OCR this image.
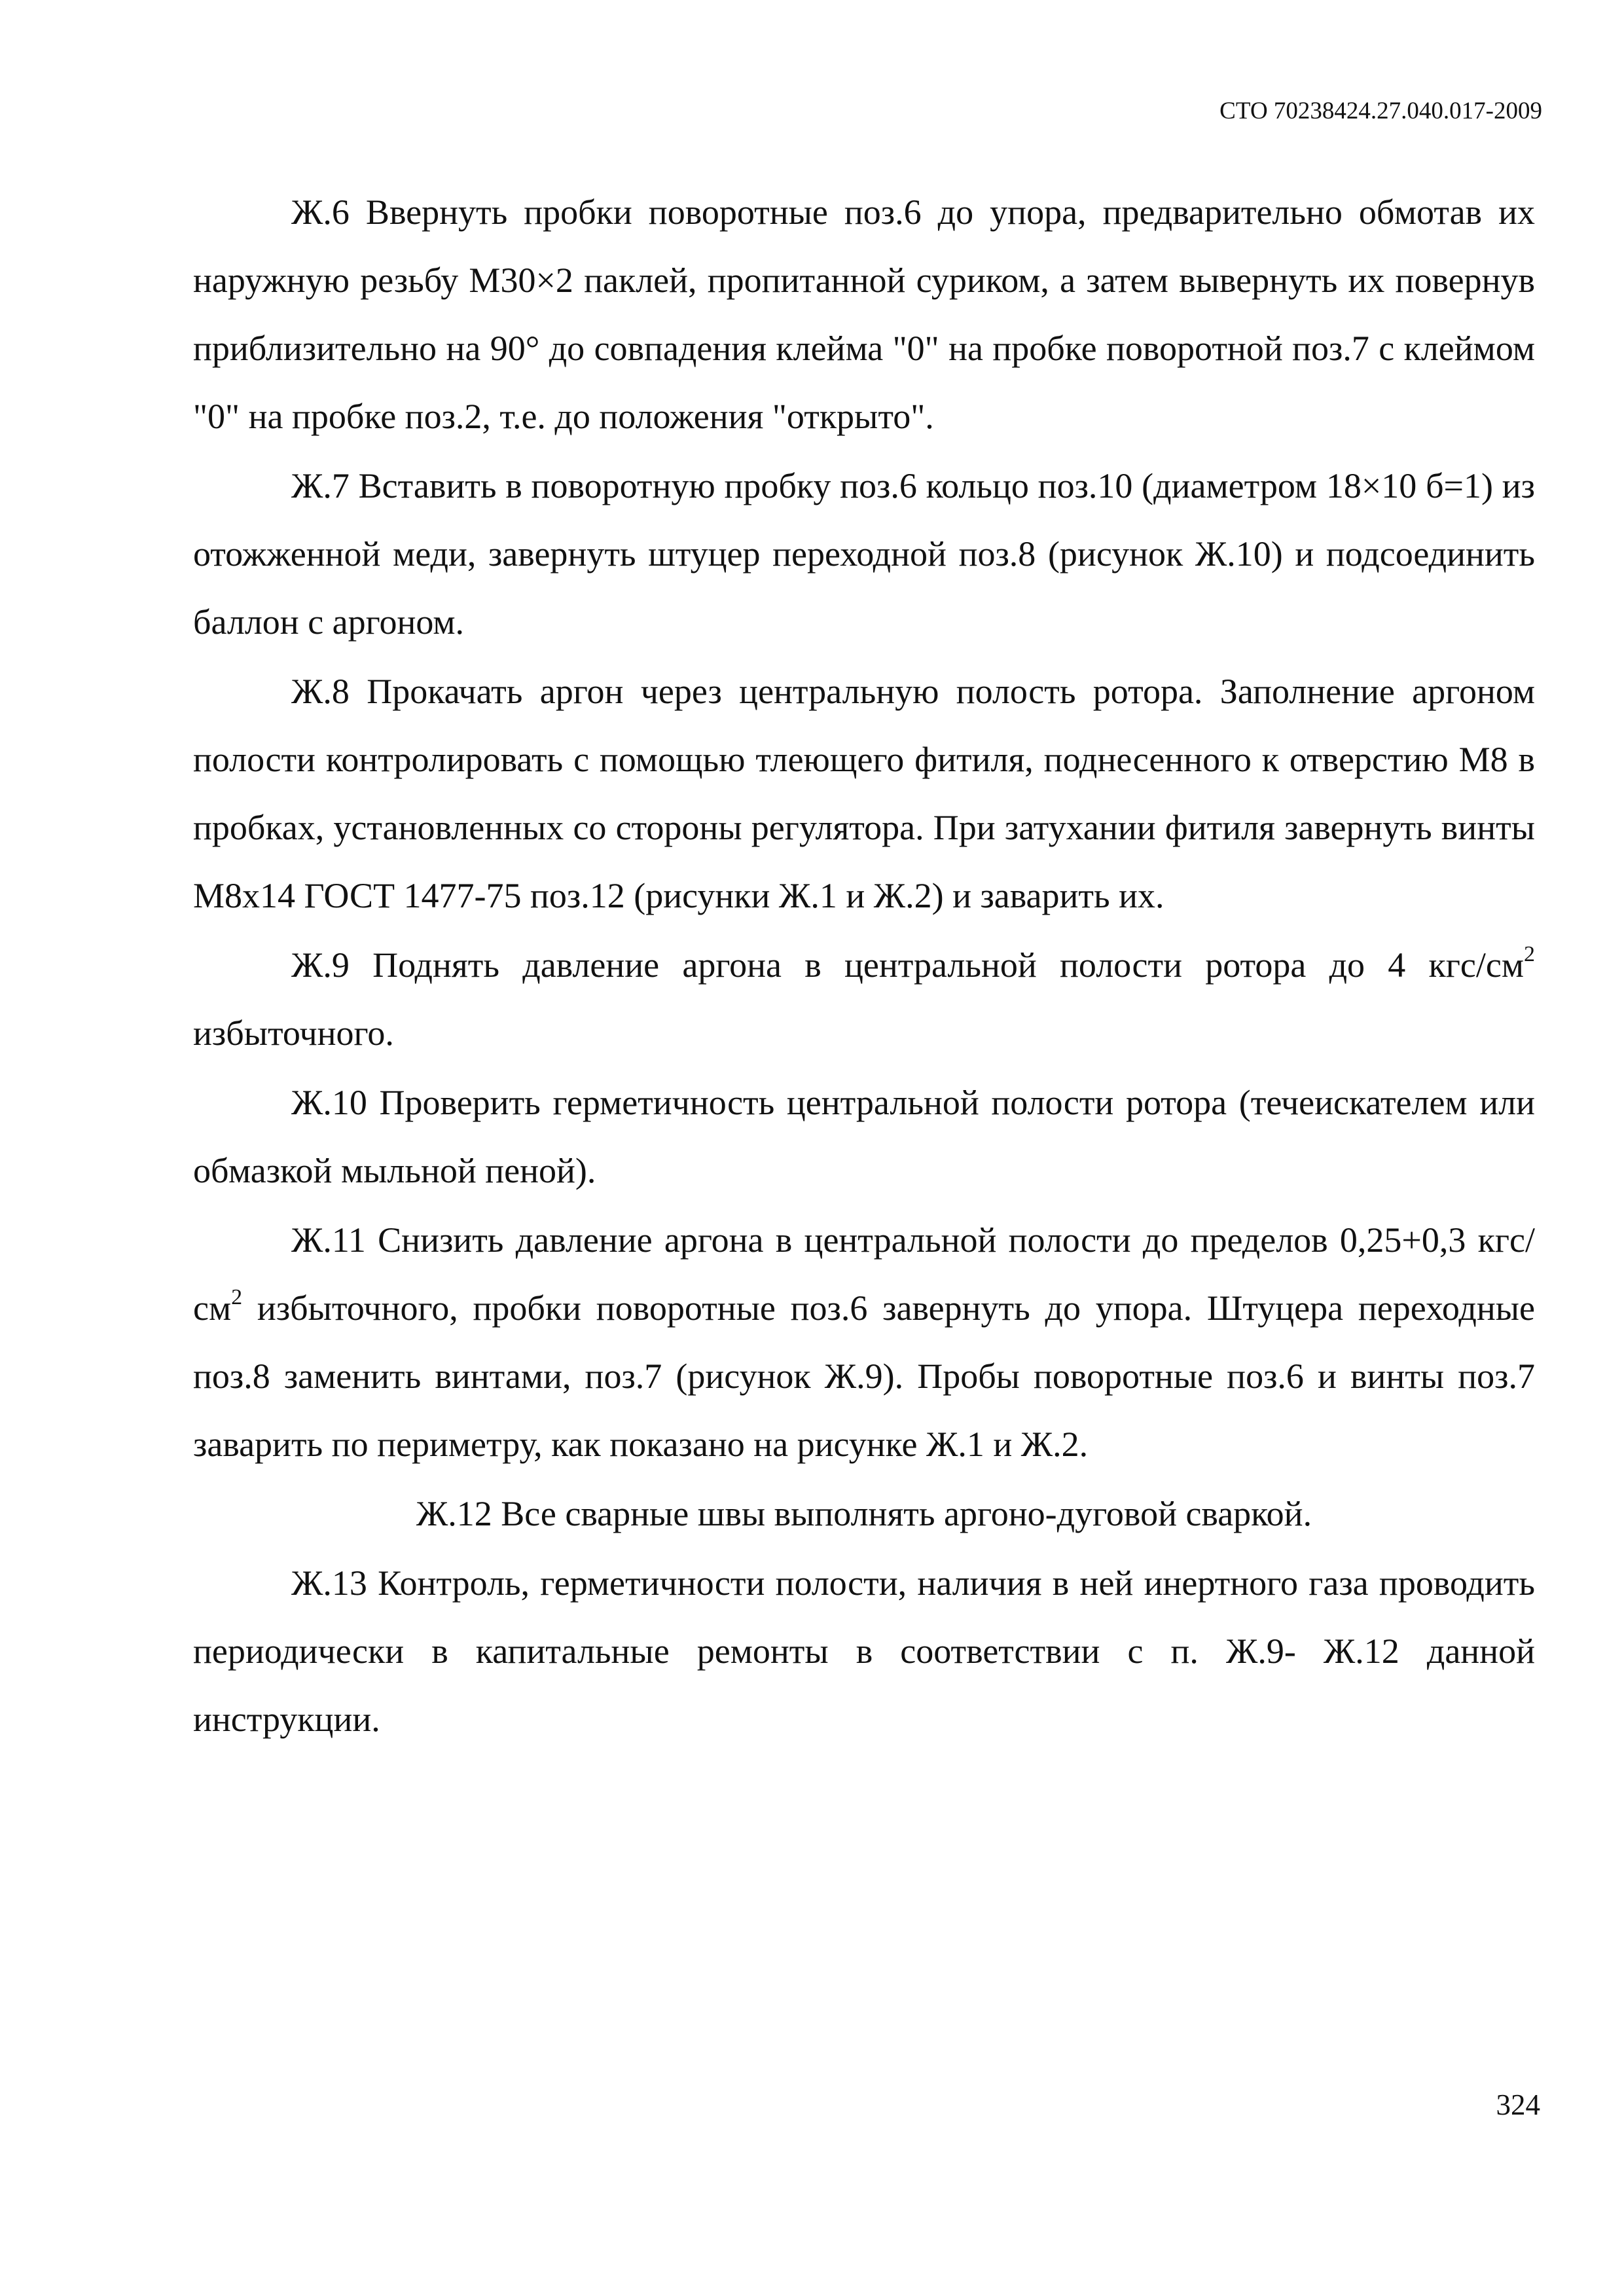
СТО 70238424.27.040.017-2009

Ж.6 Ввернуть пробки поворотные поз.6 до упора, предварительно обмотав их наружную резьбу М30×2 паклей, пропитанной суриком, а затем вывернуть их повернув приблизительно на 90° до совпадения клейма "0" на пробке поворотной поз.7 с клеймом "0" на пробке поз.2, т.е. до положения "открыто".

Ж.7 Вставить в поворотную пробку поз.6 кольцо поз.10 (диаметром 18×10 б=1) из отожженной меди, завернуть штуцер переходной поз.8 (рисунок Ж.10) и подсоединить баллон с аргоном.

Ж.8 Прокачать аргон через центральную полость ротора. Заполнение аргоном полости контролировать с помощью тлеющего фитиля, поднесенного к отверстию М8 в пробках, установленных со стороны регулятора. При затухании фитиля завернуть винты М8х14 ГОСТ 1477-75 поз.12 (рисунки Ж.1 и Ж.2) и заварить их.

Ж.9 Поднять давление аргона в центральной полости ротора до 4 кгс/$см^2$ избыточного.

Ж.10 Проверить герметичность центральной полости ротора (течеискателем или обмазкой мыльной пеной).

Ж.11 Снизить давление аргона в центральной полости до пределов 0,25+0,3 кгс/$см^2$ избыточного, пробки поворотные поз.6 завернуть до упора. Штуцера переходные поз.8 заменить винтами, поз.7 (рисунок Ж.9). Пробы поворотные поз.6 и винты поз.7 заварить по периметру, как показано на рисунке Ж.1 и Ж.2.

Ж.12 Все сварные швы выполнять аргоно-дуговой сваркой.

Ж.13 Контроль, герметичности полости, наличия в ней инертного газа проводить периодически в капитальные ремонты в соответствии с п. Ж.9- Ж.12 данной инструкции.

324
